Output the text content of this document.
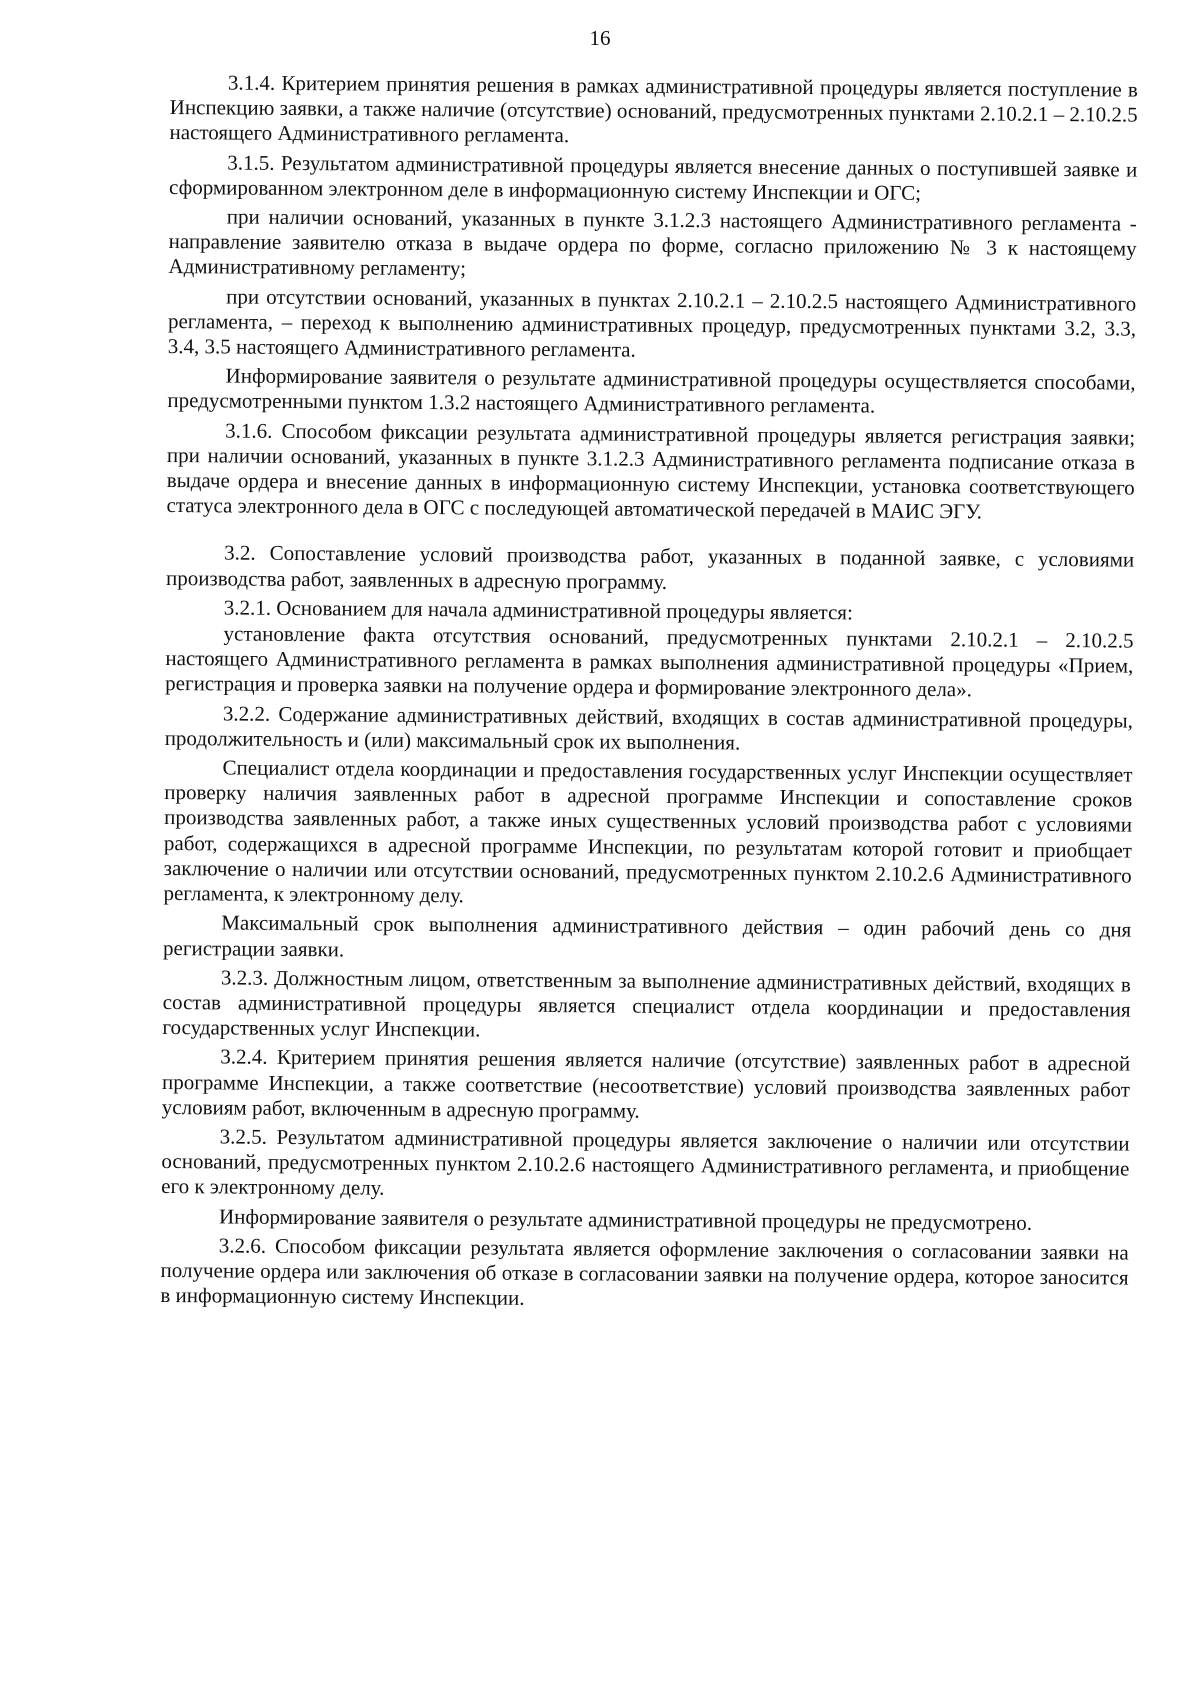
16

3.1.4. Критерием принятия решения в рамках административной процедуры является поступление в Инспекцию заявки, а также наличие (отсутствие) оснований, предусмотренных пунктами 2.10.2.1 – 2.10.2.5 настоящего Административного регламента.

3.1.5. Результатом административной процедуры является внесение данных о поступившей заявке и сформированном электронном деле в информационную систему Инспекции и ОГС;

при наличии оснований, указанных в пункте 3.1.2.3 настоящего Административного регламента - направление заявителю отказа в выдаче ордера по форме, согласно приложению № 3 к настоящему Административному регламенту;

при отсутствии оснований, указанных в пунктах 2.10.2.1 – 2.10.2.5 настоящего Административного регламента, – переход к выполнению административных процедур, предусмотренных пунктами 3.2, 3.3, 3.4, 3.5 настоящего Административного регламента.

Информирование заявителя о результате административной процедуры осуществляется способами, предусмотренными пунктом 1.3.2 настоящего Административного регламента.

3.1.6. Способом фиксации результата административной процедуры является регистрация заявки; при наличии оснований, указанных в пункте 3.1.2.3 Административного регламента подписание отказа в выдаче ордера и внесение данных в информационную систему Инспекции, установка соответствующего статуса электронного дела в ОГС с последующей автоматической передачей в МАИС ЭГУ.

3.2. Сопоставление условий производства работ, указанных в поданной заявке, с условиями производства работ, заявленных в адресную программу.

3.2.1. Основанием для начала административной процедуры является:

установление факта отсутствия оснований, предусмотренных пунктами 2.10.2.1 – 2.10.2.5 настоящего Административного регламента в рамках выполнения административной процедуры «Прием, регистрация и проверка заявки на получение ордера и формирование электронного дела».

3.2.2. Содержание административных действий, входящих в состав административной процедуры, продолжительность и (или) максимальный срок их выполнения.

Специалист отдела координации и предоставления государственных услуг Инспекции осуществляет проверку наличия заявленных работ в адресной программе Инспекции и сопоставление сроков производства заявленных работ, а также иных существенных условий производства работ с условиями работ, содержащихся в адресной программе Инспекции, по результатам которой готовит и приобщает заключение о наличии или отсутствии оснований, предусмотренных пунктом 2.10.2.6 Административного регламента, к электронному делу.

Максимальный срок выполнения административного действия – один рабочий день со дня регистрации заявки.

3.2.3. Должностным лицом, ответственным за выполнение административных действий, входящих в состав административной процедуры является специалист отдела координации и предоставления государственных услуг Инспекции.

3.2.4. Критерием принятия решения является наличие (отсутствие) заявленных работ в адресной программе Инспекции, а также соответствие (несоответствие) условий производства заявленных работ условиям работ, включенным в адресную программу.

3.2.5. Результатом административной процедуры является заключение о наличии или отсутствии оснований, предусмотренных пунктом 2.10.2.6 настоящего Административного регламента, и приобщение его к электронному делу.

Информирование заявителя о результате административной процедуры не предусмотрено.

3.2.6. Способом фиксации результата является оформление заключения о согласовании заявки на получение ордера или заключения об отказе в согласовании заявки на получение ордера, которое заносится в информационную систему Инспекции.
